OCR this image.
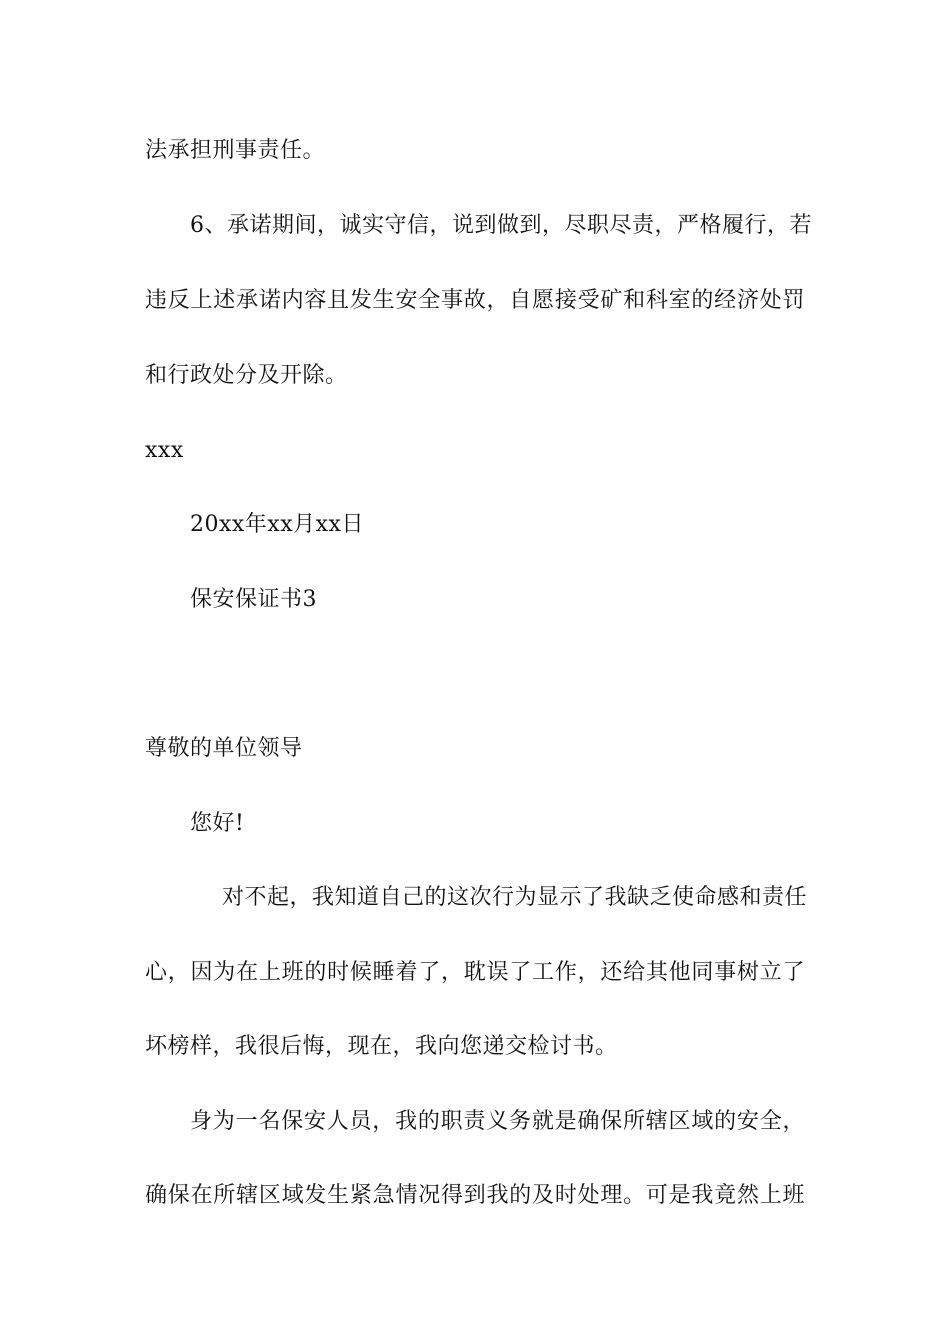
法承担刑事责任。
6、承诺期间，诚实守信，说到做到，尽职尽责，严格履行，若
违反上述承诺内容且发生安全事故，自愿接受矿和科室的经济处罚
和行政处分及开除。
xxx
20xx年xx月xx日
保安保证书3
尊敬的单位领导
您好!
对不起，我知道自己的这次行为显示了我缺乏使命感和责任
心，因为在上班的时候睡着了，耽误了工作，还给其他同事树立了
坏榜样，我很后悔，现在，我向您递交检讨书。
身为一名保安人员，我的职责义务就是确保所辖区域的安全，
确保在所辖区域发生紧急情况得到我的及时处理。可是我竟然上班
